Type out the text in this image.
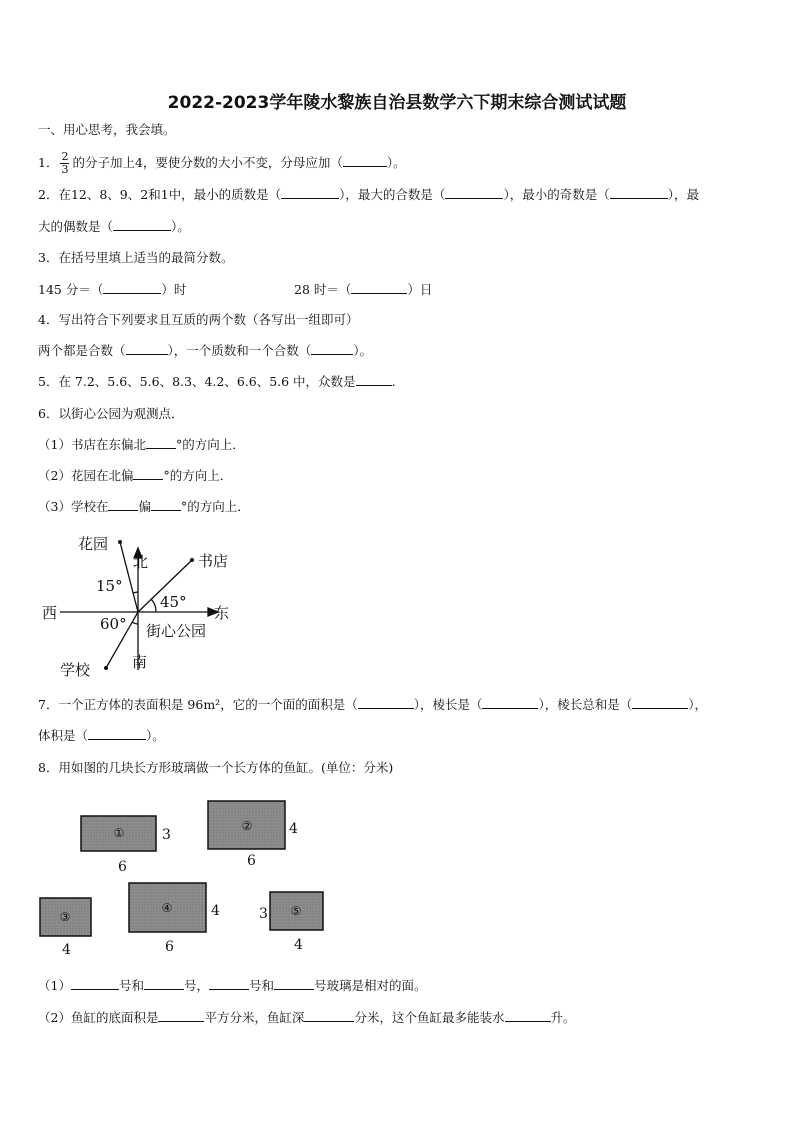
2022-2023学年陵水黎族自治县数学六下期末综合测试试题
一、用心思考，我会填。
1． $\frac{2}{3}$ 的分子加上4，要使分数的大小不变，分母应加（	）。
2．在12、8、9、2和1中，最小的质数是（	），最大的合数是（	），最小的奇数是（	），最
大的偶数是（	）。
3．在括号里填上适当的最简分数。
145 分＝（	）时	28 时＝（	）日
4．写出符合下列要求且互质的两个数（各写出一组即可）
两个都是合数（	），一个质数和一个合数（	）。
5．在 7.2、5.6、5.6、8.3、4.2、6.6、5.6 中，众数是	.
6．以街心公园为观测点．
（1）书店在东偏北 °的方向上．
（2）花园在北偏 °的方向上．
（3）学校在 偏 °的方向上．
花园
北	书店
15°
45°
西	东
60° 街心公园
南
学校
7．一个正方体的表面积是 96m²，它的一个面的面积是（	），棱长是（	），棱长总和是（	），
体积是（	）。
8．用如图的几块长方形玻璃做一个长方体的鱼缸。(单位：分米)
①	3
6
②	4
6
③
4
④	4
6
⑤
3
4
（1）	号和	号，	号和	号玻璃是相对的面。
（2）鱼缸的底面积是	平方分米，鱼缸深	分米，这个鱼缸最多能装水	升。
